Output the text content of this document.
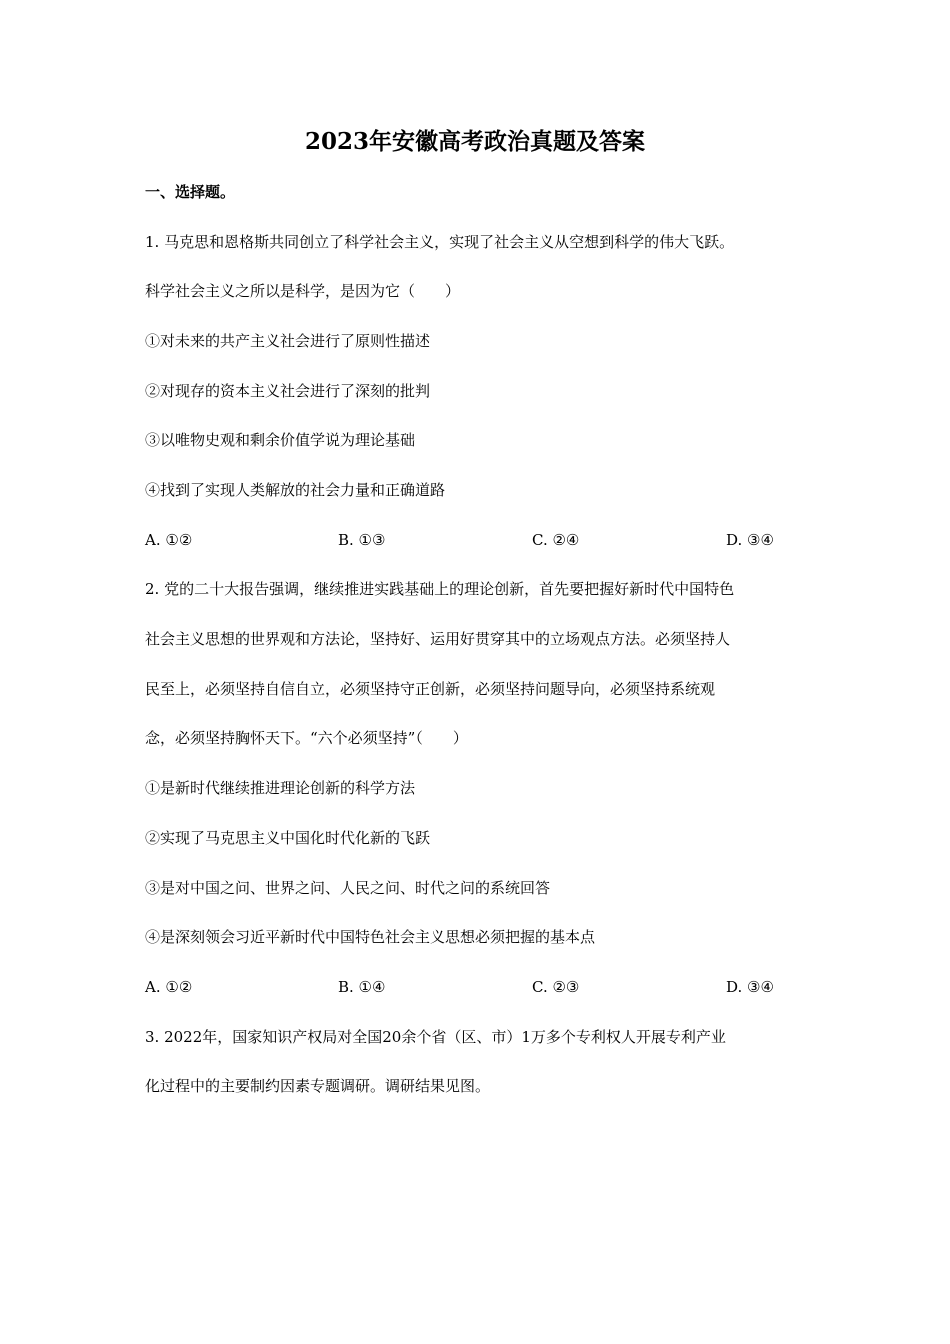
2023年安徽高考政治真题及答案
一、选择题。
1. 马克思和恩格斯共同创立了科学社会主义，实现了社会主义从空想到科学的伟大飞跃。
科学社会主义之所以是科学，是因为它（　　）
①对未来的共产主义社会进行了原则性描述
②对现存的资本主义社会进行了深刻的批判
③以唯物史观和剩余价值学说为理论基础
④找到了实现人类解放的社会力量和正确道路
A. ①②	B. ①③	C. ②④	D. ③④
2. 党的二十大报告强调，继续推进实践基础上的理论创新，首先要把握好新时代中国特色
社会主义思想的世界观和方法论，坚持好、运用好贯穿其中的立场观点方法。必须坚持人
民至上，必须坚持自信自立，必须坚持守正创新，必须坚持问题导向，必须坚持系统观
念，必须坚持胸怀天下。“六个必须坚持”（　　）
①是新时代继续推进理论创新的科学方法
②实现了马克思主义中国化时代化新的飞跃
③是对中国之问、世界之问、人民之问、时代之问的系统回答
④是深刻领会习近平新时代中国特色社会主义思想必须把握的基本点
A. ①②	B. ①④	C. ②③	D. ③④
3. 2022年，国家知识产权局对全国20余个省（区、市）1万多个专利权人开展专利产业
化过程中的主要制约因素专题调研。调研结果见图。
